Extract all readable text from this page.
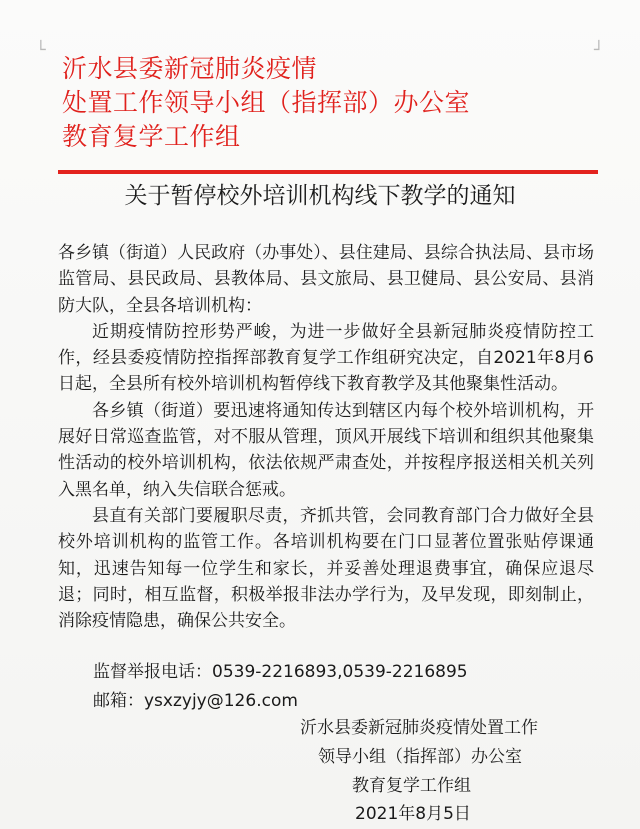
└	┘
沂水县委新冠肺炎疫情
处置工作领导小组（指挥部）办公室
教育复学工作组
关于暂停校外培训机构线下教学的通知

各乡镇（街道）人民政府（办事处）、县住建局、县综合执法局、县市场监管局、县民政局、县教体局、县文旅局、县卫健局、县公安局、县消防大队，全县各培训机构：

近期疫情防控形势严峻，为进一步做好全县新冠肺炎疫情防控工作，经县委疫情防控指挥部教育复学工作组研究决定，自2021年8月6日起，全县所有校外培训机构暂停线下教育教学及其他聚集性活动。

各乡镇（街道）要迅速将通知传达到辖区内每个校外培训机构，开展好日常巡查监管，对不服从管理，顶风开展线下培训和组织其他聚集性活动的校外培训机构，依法依规严肃查处，并按程序报送相关机关列入黑名单，纳入失信联合惩戒。

县直有关部门要履职尽责，齐抓共管，会同教育部门合力做好全县校外培训机构的监管工作。各培训机构要在门口显著位置张贴停课通知，迅速告知每一位学生和家长，并妥善处理退费事宜，确保应退尽退；同时，相互监督，积极举报非法办学行为，及早发现，即刻制止，消除疫情隐患，确保公共安全。

监督举报电话：0539-2216893,0539-2216895
邮箱：ysxzyjy@126.com
沂水县委新冠肺炎疫情处置工作
领导小组（指挥部）办公室
教育复学工作组
2021年8月5日
